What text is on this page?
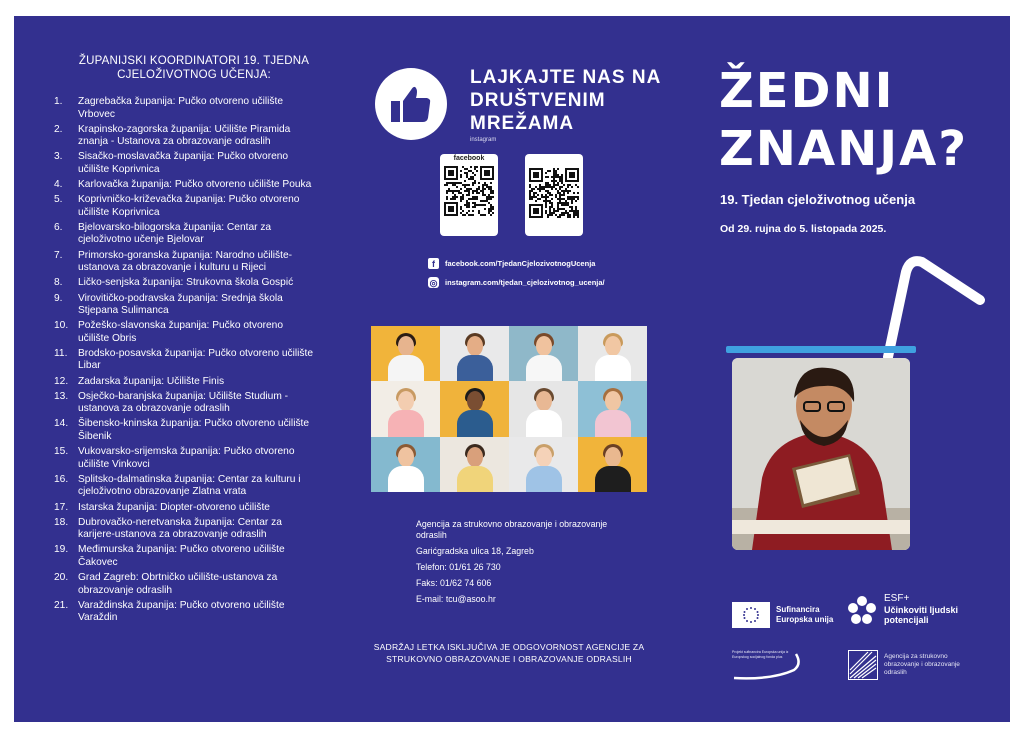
ŽUPANIJSKI KOORDINATORI 19. TJEDNA CJELOŽIVOTNOG UČENJA:
1.	Zagrebačka županija: Pučko otvoreno učilište Vrbovec
2.	Krapinsko-zagorska županija: Učilište Piramida znanja - Ustanova za obrazovanje odraslih
3.	Sisačko-moslavačka županija: Pučko otvoreno učilište Koprivnica
4.	Karlovačka županija: Pučko otvoreno učilište Pouka
5.	Koprivničko-križevačka županija: Pučko otvoreno učilište Koprivnica
6.	Bjelovarsko-bilogorska županija: Centar za cjeloživotno učenje Bjelovar
7.	Primorsko-goranska županija: Narodno učilište-ustanova za obrazovanje i kulturu u Rijeci
8.	Ličko-senjska županija: Strukovna škola Gospić
9.	Virovitičko-podravska županija: Srednja škola Stjepana Sulimanca
10. Požeško-slavonska županija: Pučko otvoreno učilište Obris
11.	Brodsko-posavska županija: Pučko otvoreno učilište Libar
12. Zadarska županija: Učilište Finis
13. Osječko-baranjska županija: Učilište Studium -ustanova za obrazovanje odraslih
14. Šibensko-kninska županija: Pučko otvoreno učilište Šibenik
15. Vukovarsko-srijemska županija: Pučko otvoreno učilište Vinkovci
16. Splitsko-dalmatinska županija: Centar za kulturu i cjeloživotno obrazovanje Zlatna vrata
17. Istarska županija: Diopter-otvoreno učilište
18. Dubrovačko-neretvanska županija: Centar za karijere-ustanova za obrazovanje odraslih
19. Međimurska županija: Pučko otvoreno učilište Čakovec
20. Grad Zagreb: Obrtničko učilište-ustanova za obrazovanje odraslih
21. Varaždinska županija: Pučko otvoreno učilište Varaždin
LAJKAJTE NAS NA DRUŠTVENIM MREŽAMA
instagram
facebook
f	facebook.com/TjedanCjelozivotnogUcenja
◎ instagram.com/tjedan_cjelozivotnog_ucenja/
Agencija za strukovno obrazovanje i obrazovanje odraslih
Garićgradska ulica 18, Zagreb
Telefon: 01/61 26 730
Faks: 01/62 74 606
E-mail: tcu@asoo.hr
SADRŽAJ LETKA ISKLJUČIVA JE ODGOVORNOST AGENCIJE ZA STRUKOVNO OBRAZOVANJE I OBRAZOVANJE ODRASLIH
ŽEDNI
ZNANJA?
19. Tjedan cjeloživotnog učenja
Od 29. rujna do 5. listopada 2025.
Sufinancira Europska unija
ESF+
Učinkoviti ljudski potencijali
Projekt sufinancira Europska unija iz Europskog socijalnog fonda plus	Agencija za strukovno obrazovanje i obrazovanje odraslih
